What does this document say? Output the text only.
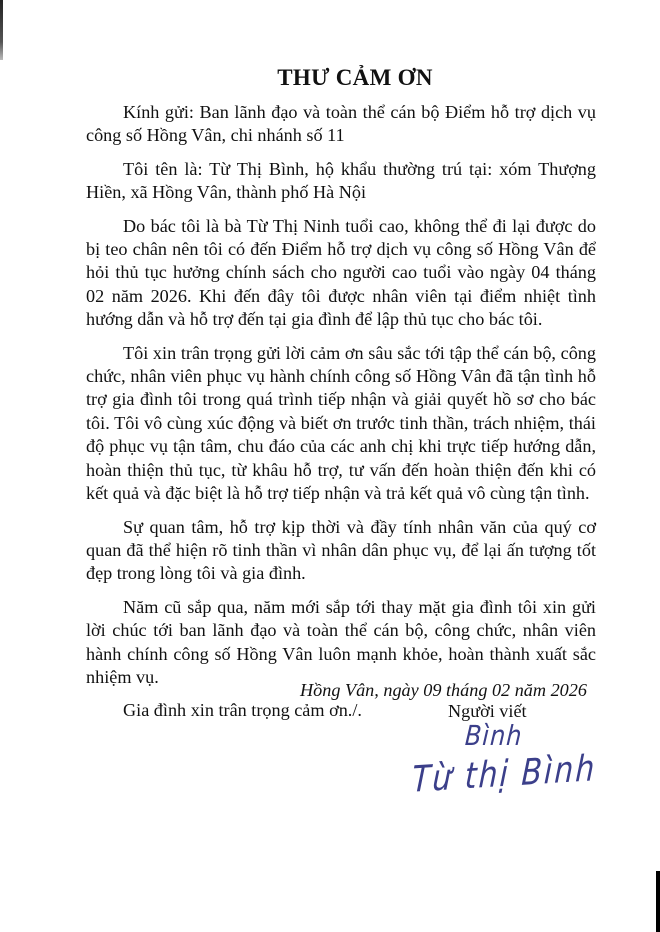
THƯ CẢM ƠN

Kính gửi: Ban lãnh đạo và toàn thể cán bộ Điểm hỗ trợ dịch vụ công số Hồng Vân, chi nhánh số 11

Tôi tên là: Từ Thị Bình, hộ khẩu thường trú tại: xóm Thượng Hiền, xã Hồng Vân, thành phố Hà Nội

Do bác tôi là bà Từ Thị Ninh tuổi cao, không thể đi lại được do bị teo chân nên tôi có đến Điểm hỗ trợ dịch vụ công số Hồng Vân để hỏi thủ tục hưởng chính sách cho người cao tuổi vào ngày 04 tháng 02 năm 2026. Khi đến đây tôi được nhân viên tại điểm nhiệt tình hướng dẫn và hỗ trợ đến tại gia đình để lập thủ tục cho bác tôi.

Tôi xin trân trọng gửi lời cảm ơn sâu sắc tới tập thể cán bộ, công chức, nhân viên phục vụ hành chính công số Hồng Vân đã tận tình hỗ trợ gia đình tôi trong quá trình tiếp nhận và giải quyết hồ sơ cho bác tôi. Tôi vô cùng xúc động và biết ơn trước tinh thần, trách nhiệm, thái độ phục vụ tận tâm, chu đáo của các anh chị khi trực tiếp hướng dẫn, hoàn thiện thủ tục, từ khâu hỗ trợ, tư vấn đến hoàn thiện đến khi có kết quả và đặc biệt là hỗ trợ tiếp nhận và trả kết quả vô cùng tận tình.

Sự quan tâm, hỗ trợ kịp thời và đầy tính nhân văn của quý cơ quan đã thể hiện rõ tinh thần vì nhân dân phục vụ, để lại ấn tượng tốt đẹp trong lòng tôi và gia đình.

Năm cũ sắp qua, năm mới sắp tới thay mặt gia đình tôi xin gửi lời chúc tới ban lãnh đạo và toàn thể cán bộ, công chức, nhân viên hành chính công số Hồng Vân luôn mạnh khỏe, hoàn thành xuất sắc nhiệm vụ.

Gia đình xin trân trọng cảm ơn./.

Hồng Vân, ngày 09 tháng 02 năm 2026
Người viết
Bình
Từ thị Bình
